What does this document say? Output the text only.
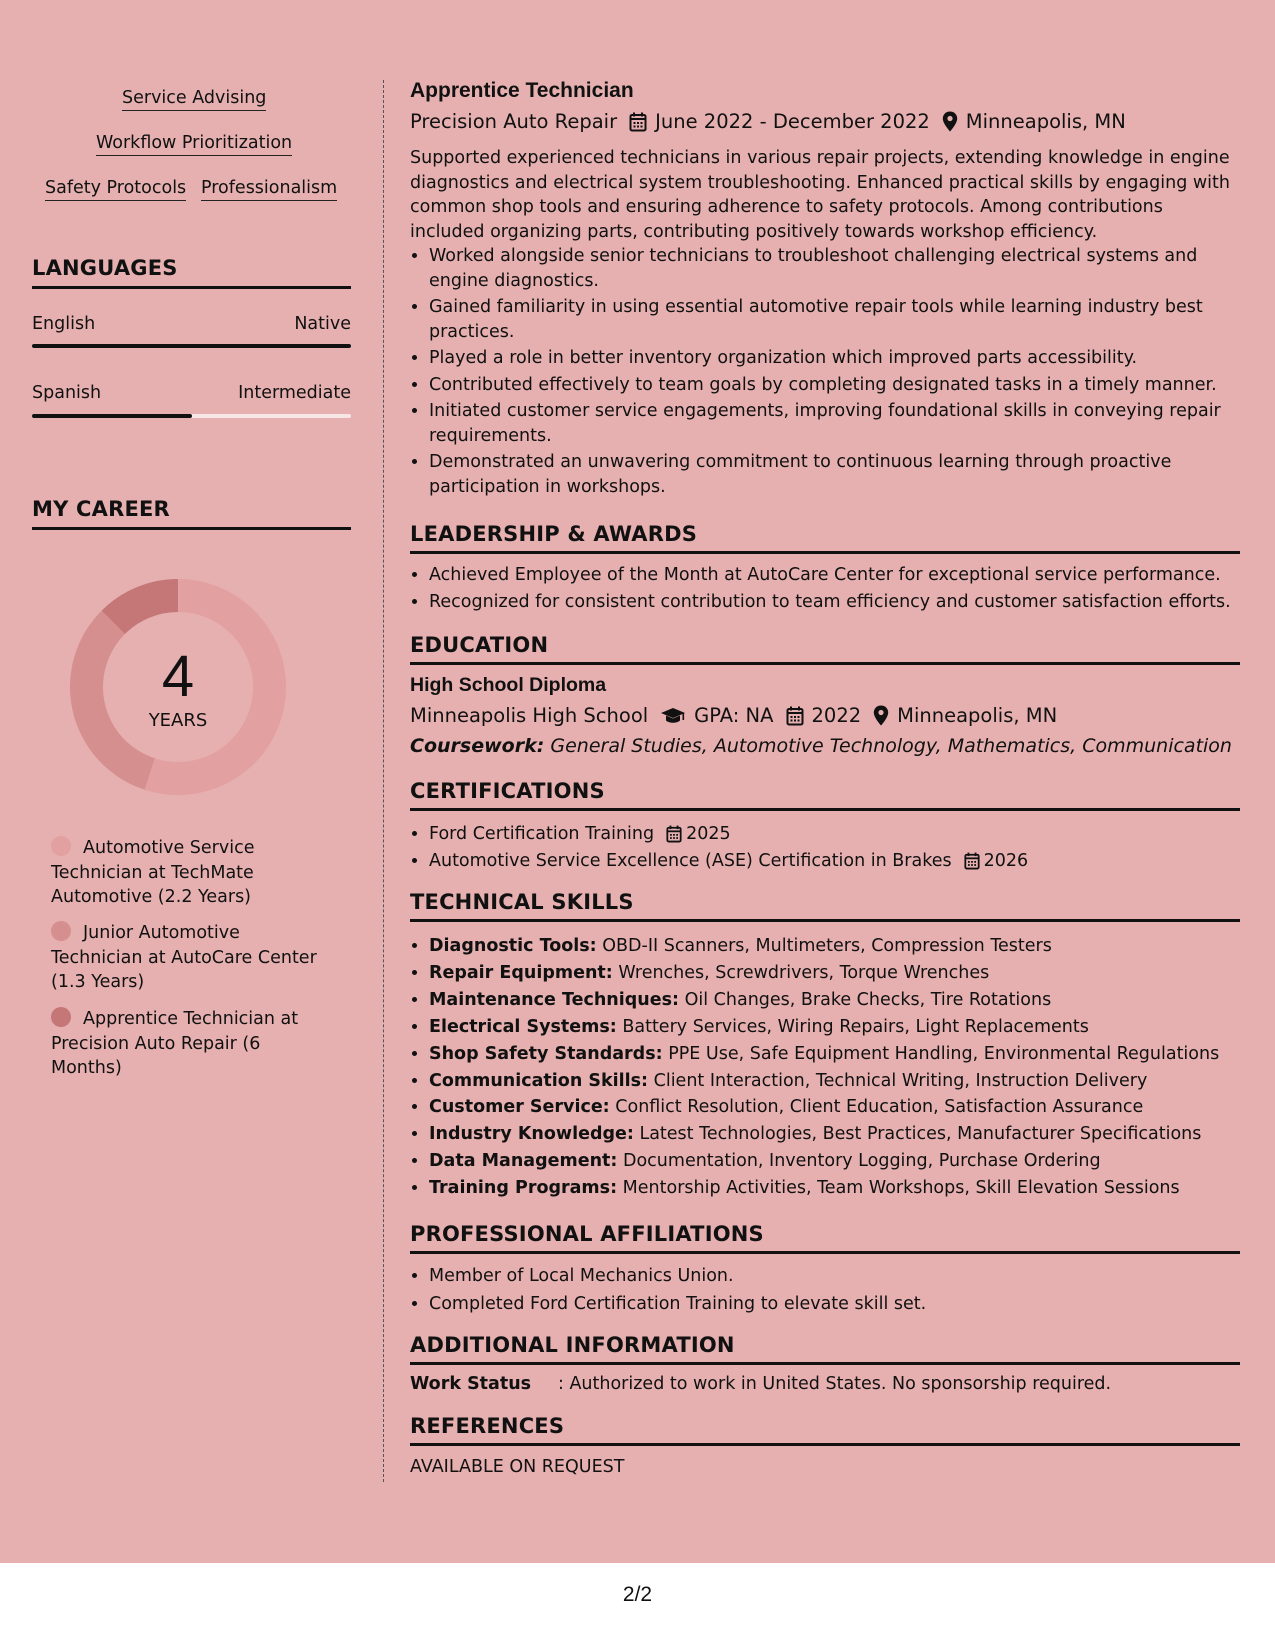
Service Advising
Workflow Prioritization
Safety Protocols Professionalism
LANGUAGES
English	Native
Spanish	Intermediate
MY CAREER
4
YEARS
Automotive Service Technician at TechMate Automotive (2.2 Years)
Junior Automotive Technician at AutoCare Center (1.3 Years)
Apprentice Technician at Precision Auto Repair (6 Months)
Apprentice Technician
Precision Auto Repair June 2022 - December 2022 Minneapolis, MN
Supported experienced technicians in various repair projects, extending knowledge in engine diagnostics and electrical system troubleshooting. Enhanced practical skills by engaging with common shop tools and ensuring adherence to safety protocols. Among contributions included organizing parts, contributing positively towards workshop efficiency.
• Worked alongside senior technicians to troubleshoot challenging electrical systems and engine diagnostics.
• Gained familiarity in using essential automotive repair tools while learning industry best practices.
• Played a role in better inventory organization which improved parts accessibility.
• Contributed effectively to team goals by completing designated tasks in a timely manner.
• Initiated customer service engagements, improving foundational skills in conveying repair requirements.
• Demonstrated an unwavering commitment to continuous learning through proactive participation in workshops.
LEADERSHIP & AWARDS
• Achieved Employee of the Month at AutoCare Center for exceptional service performance.
• Recognized for consistent contribution to team efficiency and customer satisfaction efforts.
EDUCATION
High School Diploma
Minneapolis High School GPA: NA 2022 Minneapolis, MN
Coursework: General Studies, Automotive Technology, Mathematics, Communication
CERTIFICATIONS
• Ford Certification Training 2025
• Automotive Service Excellence (ASE) Certification in Brakes 2026
TECHNICAL SKILLS
• Diagnostic Tools: OBD-II Scanners, Multimeters, Compression Testers
• Repair Equipment: Wrenches, Screwdrivers, Torque Wrenches
• Maintenance Techniques: Oil Changes, Brake Checks, Tire Rotations
• Electrical Systems: Battery Services, Wiring Repairs, Light Replacements
• Shop Safety Standards: PPE Use, Safe Equipment Handling, Environmental Regulations
• Communication Skills: Client Interaction, Technical Writing, Instruction Delivery
• Customer Service: Conflict Resolution, Client Education, Satisfaction Assurance
• Industry Knowledge: Latest Technologies, Best Practices, Manufacturer Specifications
• Data Management: Documentation, Inventory Logging, Purchase Ordering
• Training Programs: Mentorship Activities, Team Workshops, Skill Elevation Sessions
PROFESSIONAL AFFILIATIONS
• Member of Local Mechanics Union.
• Completed Ford Certification Training to elevate skill set.
ADDITIONAL INFORMATION
Work Status : Authorized to work in United States. No sponsorship required.
REFERENCES
AVAILABLE ON REQUEST
2/2
